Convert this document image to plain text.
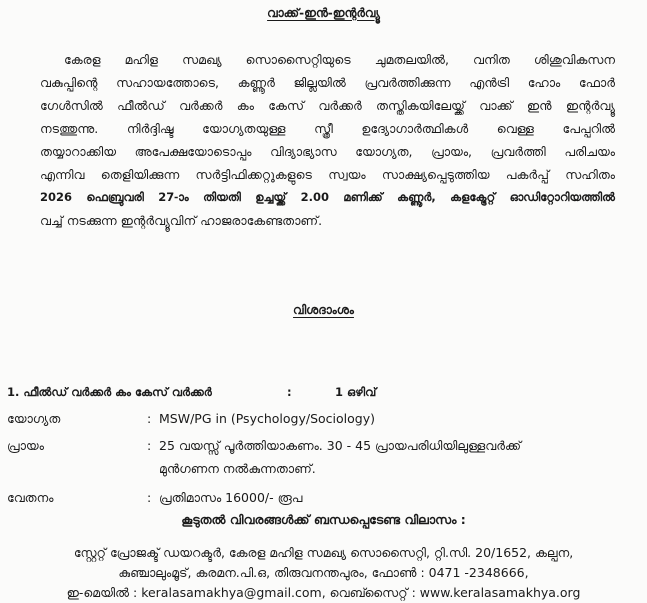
വാക്ക്-ഇൻ-ഇന്റർവ്യൂ
കേരള മഹിള സമഖ്യ സൊസൈറ്റിയുടെ ചുമതലയിൽ, വനിത ശിശുവികസന
വകുപ്പിന്റെ സഹായത്തോടെ, കണ്ണൂർ ജില്ലയിൽ പ്രവർത്തിക്കുന്ന എൻട്രി ഹോം ഫോർ
ഗേൾസിൽ ഫീൽഡ് വർക്കർ കം കേസ് വർക്കർ തസ്തികയിലേയ്ക്ക് വാക്ക് ഇൻ ഇന്റർവ്യൂ
നടത്തുന്നു. നിർദ്ദിഷ്ട യോഗ്യതയുള്ള സ്ത്രീ ഉദ്യോഗാർത്ഥികൾ വെള്ള പേപ്പറിൽ
തയ്യാറാക്കിയ അപേക്ഷയോടൊപ്പം വിദ്യാഭ്യാസ യോഗ്യത, പ്രായം, പ്രവർത്തി പരിചയം
എന്നിവ തെളിയിക്കുന്ന സർട്ടിഫിക്കറ്റുകളുടെ സ്വയം സാക്ഷ്യപ്പെടുത്തിയ പകർപ്പ് സഹിതം
2026 ഫെബ്രുവരി 27-ാം തിയതി ഉച്ചയ്ക്ക് 2.00 മണിക്ക് കണ്ണൂർ, കളക്ട്രേറ്റ് ഓഡിറ്റോറിയത്തിൽ
വച്ച് നടക്കുന്ന ഇന്റർവ്യൂവിന് ഹാജരാകേണ്ടതാണ്.
വിശദാംശം
1. ഫീൽഡ് വർക്കർ കം കേസ് വർക്കർ	:	1 ഒഴിവ്
യോഗ്യത	: MSW/PG in (Psychology/Sociology)
പ്രായം	: 25 വയസ്സ് പൂർത്തിയാകണം. 30 - 45 പ്രായപരിധിയിലുള്ളവർക്ക്
മുൻഗണന നൽകുന്നതാണ്.
വേതനം	: പ്രതിമാസം 16000/- രൂപ
കൂടുതൽ വിവരങ്ങൾക്ക് ബന്ധപ്പെടേണ്ട വിലാസം :
സ്റ്റേറ്റ് പ്രോജക്ട് ഡയറക്ടർ, കേരള മഹിള സമഖ്യ സൊസൈറ്റി, റ്റി.സി. 20/1652, കല്പന,
കുഞ്ചാലുംമൂട്, കരമന.പി.ഒ, തിരുവനന്തപുരം, ഫോൺ : 0471 -2348666,
ഇ-മെയിൽ : keralasamakhya@gmail.com, വെബ്സൈറ്റ് : www.keralasamakhya.org
